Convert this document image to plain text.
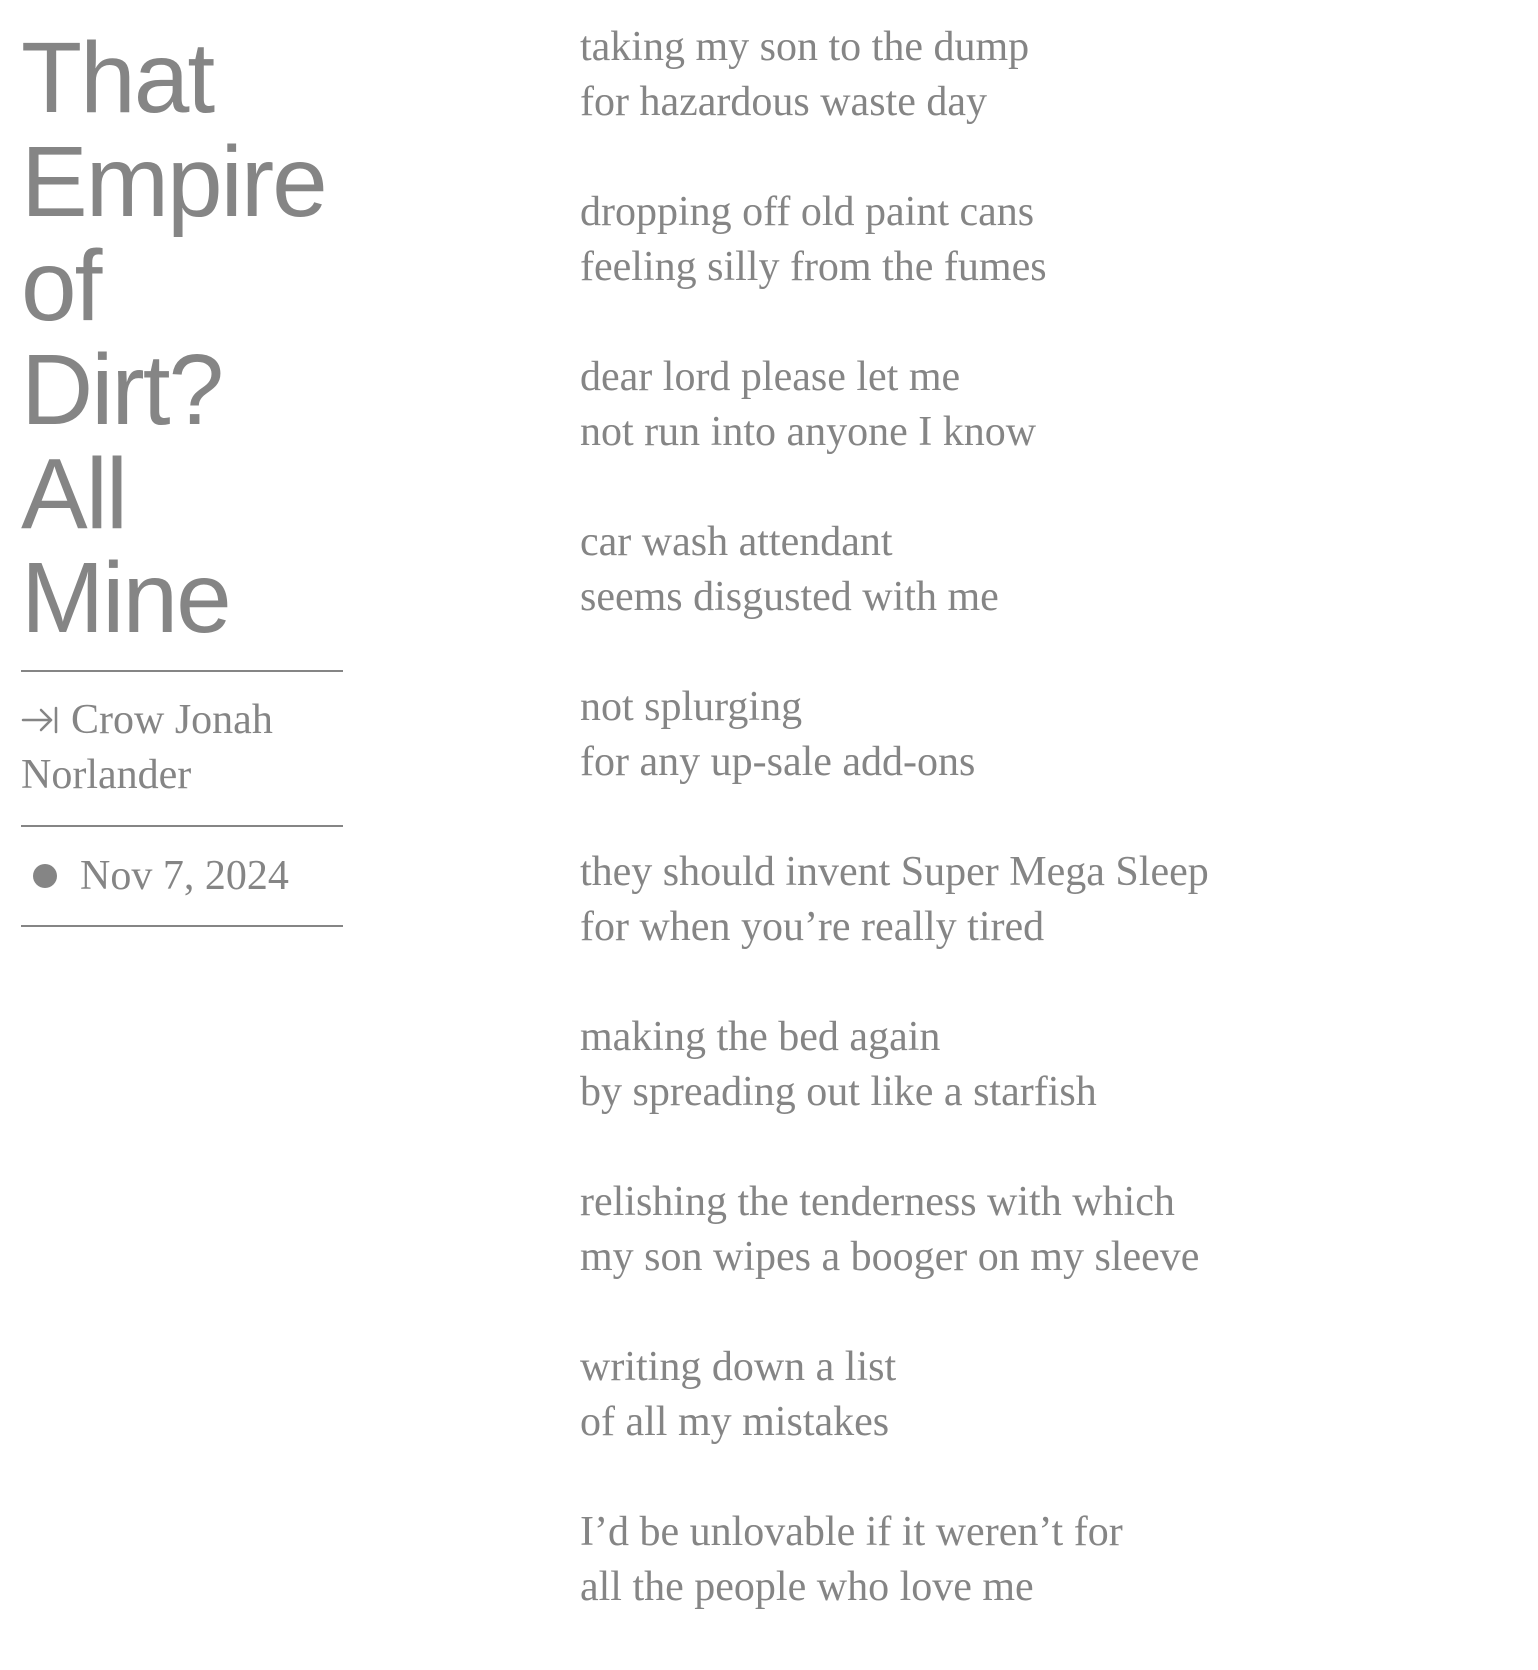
That
Empire
of
Dirt?
All
Mine
Crow Jonah Norlander
Nov 7, 2024
taking my son to the dump
for hazardous waste day
dropping off old paint cans
feeling silly from the fumes
dear lord please let me
not run into anyone I know
car wash attendant
seems disgusted with me
not splurging
for any up-sale add-ons
they should invent Super Mega Sleep
for when you’re really tired
making the bed again
by spreading out like a starfish
relishing the tenderness with which
my son wipes a booger on my sleeve
writing down a list
of all my mistakes
I’d be unlovable if it weren’t for
all the people who love me
